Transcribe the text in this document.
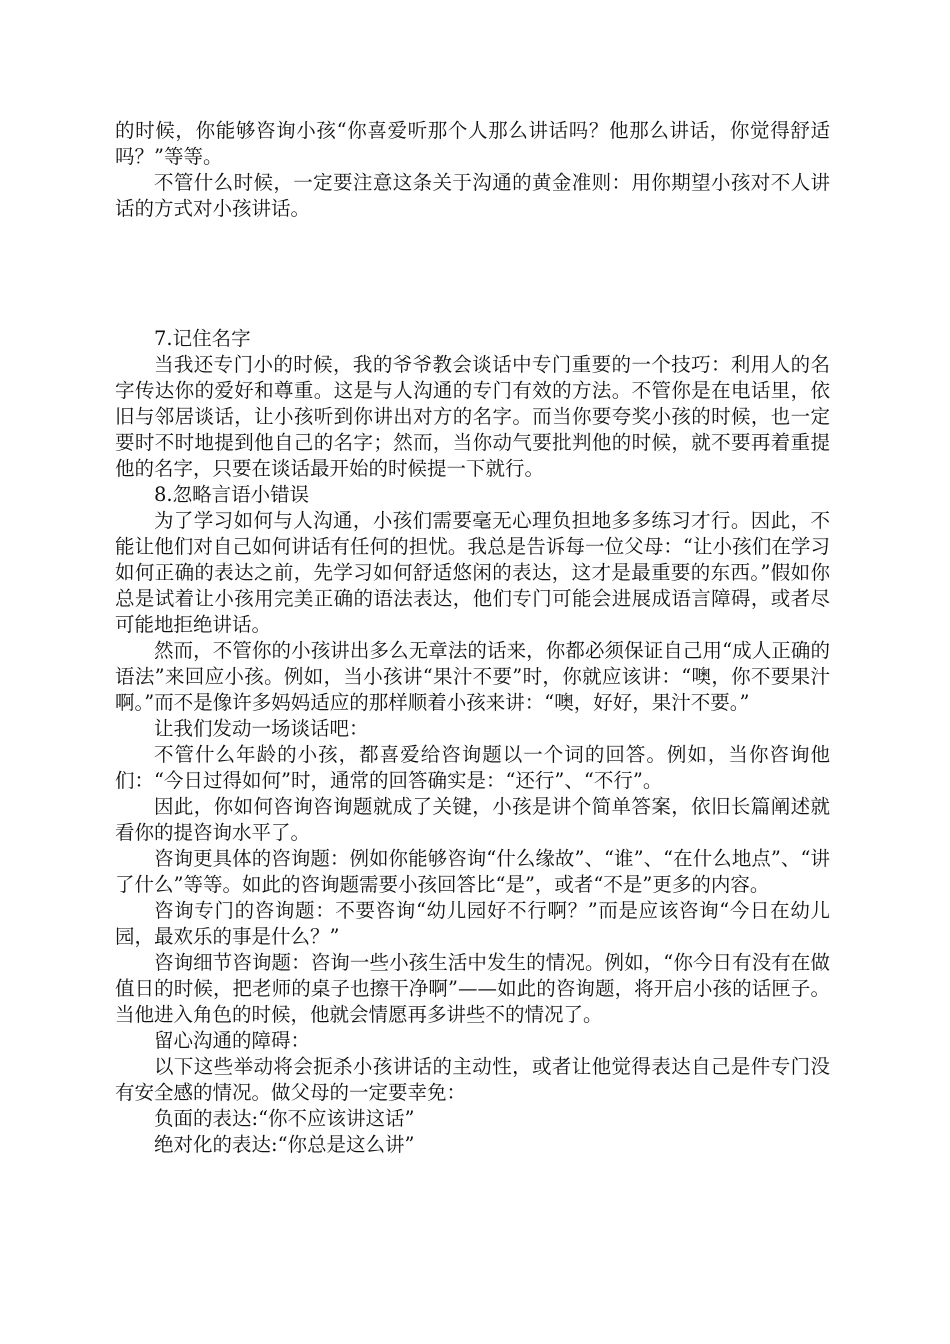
的时候，你能够咨询小孩“你喜爱听那个人那么讲话吗？他那么讲话，你觉得舒适吗？”等等。

不管什么时候，一定要注意这条关于沟通的黄金准则：用你期望小孩对不人讲话的方式对小孩讲话。

7.记住名字

当我还专门小的时候，我的爷爷教会谈话中专门重要的一个技巧：利用人的名字传达你的爱好和尊重。这是与人沟通的专门有效的方法。不管你是在电话里，依旧与邻居谈话，让小孩听到你讲出对方的名字。而当你要夸奖小孩的时候，也一定要时不时地提到他自己的名字；然而，当你动气要批判他的时候，就不要再着重提他的名字，只要在谈话最开始的时候提一下就行。

8.忽略言语小错误

为了学习如何与人沟通，小孩们需要毫无心理负担地多多练习才行。因此，不能让他们对自己如何讲话有任何的担忧。我总是告诉每一位父母：“让小孩们在学习如何正确的表达之前，先学习如何舒适悠闲的表达，这才是最重要的东西。”假如你总是试着让小孩用完美正确的语法表达，他们专门可能会进展成语言障碍，或者尽可能地拒绝讲话。

然而，不管你的小孩讲出多么无章法的话来，你都必须保证自己用“成人正确的语法”来回应小孩。例如，当小孩讲“果汁不要”时，你就应该讲：“噢，你不要果汁啊。”而不是像许多妈妈适应的那样顺着小孩来讲：“噢，好好，果汁不要。”

让我们发动一场谈话吧：

不管什么年龄的小孩，都喜爱给咨询题以一个词的回答。例如，当你咨询他们：“今日过得如何”时，通常的回答确实是：“还行”、“不行”。

因此，你如何咨询咨询题就成了关键，小孩是讲个简单答案，依旧长篇阐述就看你的提咨询水平了。

咨询更具体的咨询题：例如你能够咨询“什么缘故”、“谁”、“在什么地点”、“讲了什么”等等。如此的咨询题需要小孩回答比“是”，或者“不是”更多的内容。

咨询专门的咨询题：不要咨询“幼儿园好不行啊？”而是应该咨询“今日在幼儿园，最欢乐的事是什么？”

咨询细节咨询题：咨询一些小孩生活中发生的情况。例如，“你今日有没有在做值日的时候，把老师的桌子也擦干净啊”——如此的咨询题，将开启小孩的话匣子。当他进入角色的时候，他就会情愿再多讲些不的情况了。

留心沟通的障碍：

以下这些举动将会扼杀小孩讲话的主动性，或者让他觉得表达自己是件专门没有安全感的情况。做父母的一定要幸免：

负面的表达:“你不应该讲这话”

绝对化的表达:“你总是这么讲”
